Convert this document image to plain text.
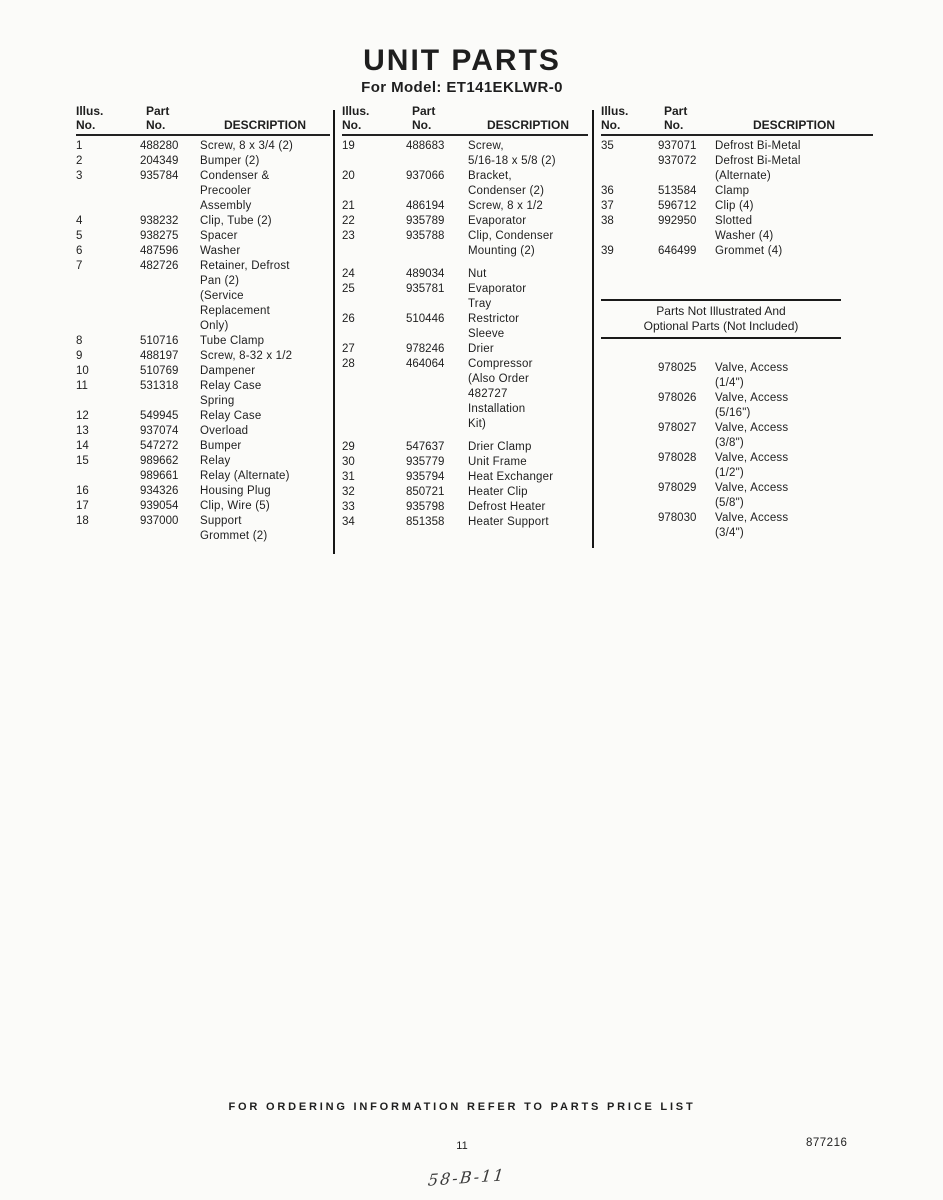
UNIT PARTS
For Model: ET141EKLWR-0
Illus.
No.
Part
No.	DESCRIPTION
1	488280	Screw, 8 x 3/4 (2)
2	204349	Bumper (2)
3	935784	Condenser &
Precooler
Assembly
4	938232	Clip, Tube (2)
5	938275	Spacer
6	487596	Washer
7	482726	Retainer, Defrost
Pan (2)
(Service
Replacement
Only)
8	510716	Tube Clamp
9	488197	Screw, 8-32 x 1/2
10	510769	Dampener
11	531318	Relay Case
Spring
12	549945	Relay Case
13	937074	Overload
14	547272	Bumper
15	989662	Relay
989661	Relay (Alternate)
16	934326	Housing Plug
17	939054	Clip, Wire (5)
18	937000	Support
Grommet (2)
Illus.
No.
Part
No.	DESCRIPTION
19	488683	Screw,
5/16-18 x 5/8 (2)
20	937066	Bracket,
Condenser (2)
21	486194	Screw, 8 x 1/2
22	935789	Evaporator
23	935788	Clip, Condenser
Mounting (2)
24	489034	Nut
25	935781	Evaporator
Tray
26	510446	Restrictor
Sleeve
27	978246	Drier
28	464064	Compressor
(Also Order
482727
Installation
Kit)
29	547637	Drier Clamp
30	935779	Unit Frame
31	935794	Heat Exchanger
32	850721	Heater Clip
33	935798	Defrost Heater
34	851358	Heater Support
Illus.
No.
Part
No.	DESCRIPTION
35	937071	Defrost Bi-Metal
937072	Defrost Bi-Metal
(Alternate)
36	513584	Clamp
37	596712	Clip (4)
38	992950	Slotted
Washer (4)
39	646499	Grommet (4)
Parts Not Illustrated And
Optional Parts (Not Included)
978025	Valve, Access
(1/4")
978026	Valve, Access
(5/16")
978027	Valve, Access
(3/8")
978028	Valve, Access
(1/2")
978029	Valve, Access
(5/8")
978030	Valve, Access
(3/4")
FOR ORDERING INFORMATION REFER TO PARTS PRICE LIST
11	877216
58-B-11
